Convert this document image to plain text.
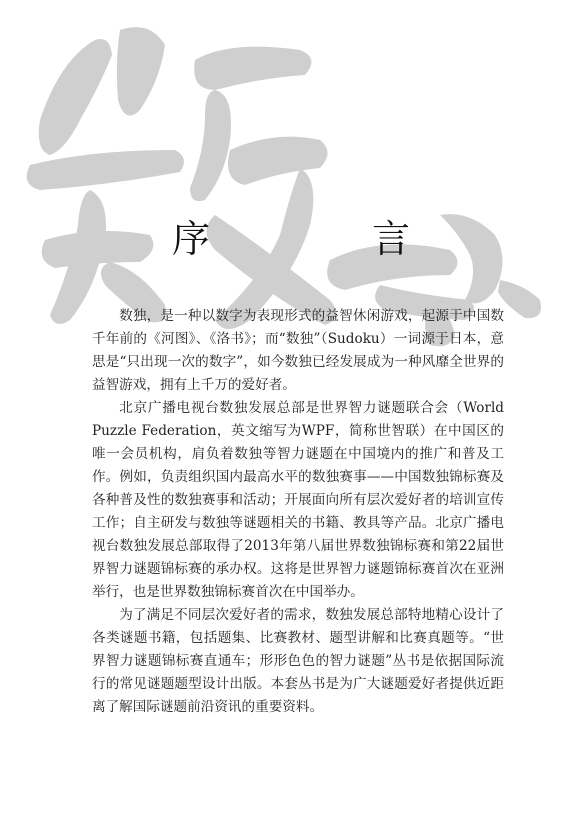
序　言

数独，是一种以数字为表现形式的益智休闲游戏，起源于中国数千年前的《河图》、《洛书》；而“数独”（Sudoku）一词源于日本，意思是“只出现一次的数字”，如今数独已经发展成为一种风靡全世界的益智游戏，拥有上千万的爱好者。

北京广播电视台数独发展总部是世界智力谜题联合会（World Puzzle Federation，英文缩写为WPF，简称世智联）在中国区的唯一会员机构，肩负着数独等智力谜题在中国境内的推广和普及工作。例如，负责组织国内最高水平的数独赛事——中国数独锦标赛及各种普及性的数独赛事和活动；开展面向所有层次爱好者的培训宣传工作；自主研发与数独等谜题相关的书籍、教具等产品。北京广播电视台数独发展总部取得了2013年第八届世界数独锦标赛和第22届世界智力谜题锦标赛的承办权。这将是世界智力谜题锦标赛首次在亚洲举行，也是世界数独锦标赛首次在中国举办。

为了满足不同层次爱好者的需求，数独发展总部特地精心设计了各类谜题书籍，包括题集、比赛教材、题型讲解和比赛真题等。“世界智力谜题锦标赛直通车；形形色色的智力谜题”丛书是依据国际流行的常见谜题题型设计出版。本套丛书是为广大谜题爱好者提供近距离了解国际谜题前沿资讯的重要资料。
